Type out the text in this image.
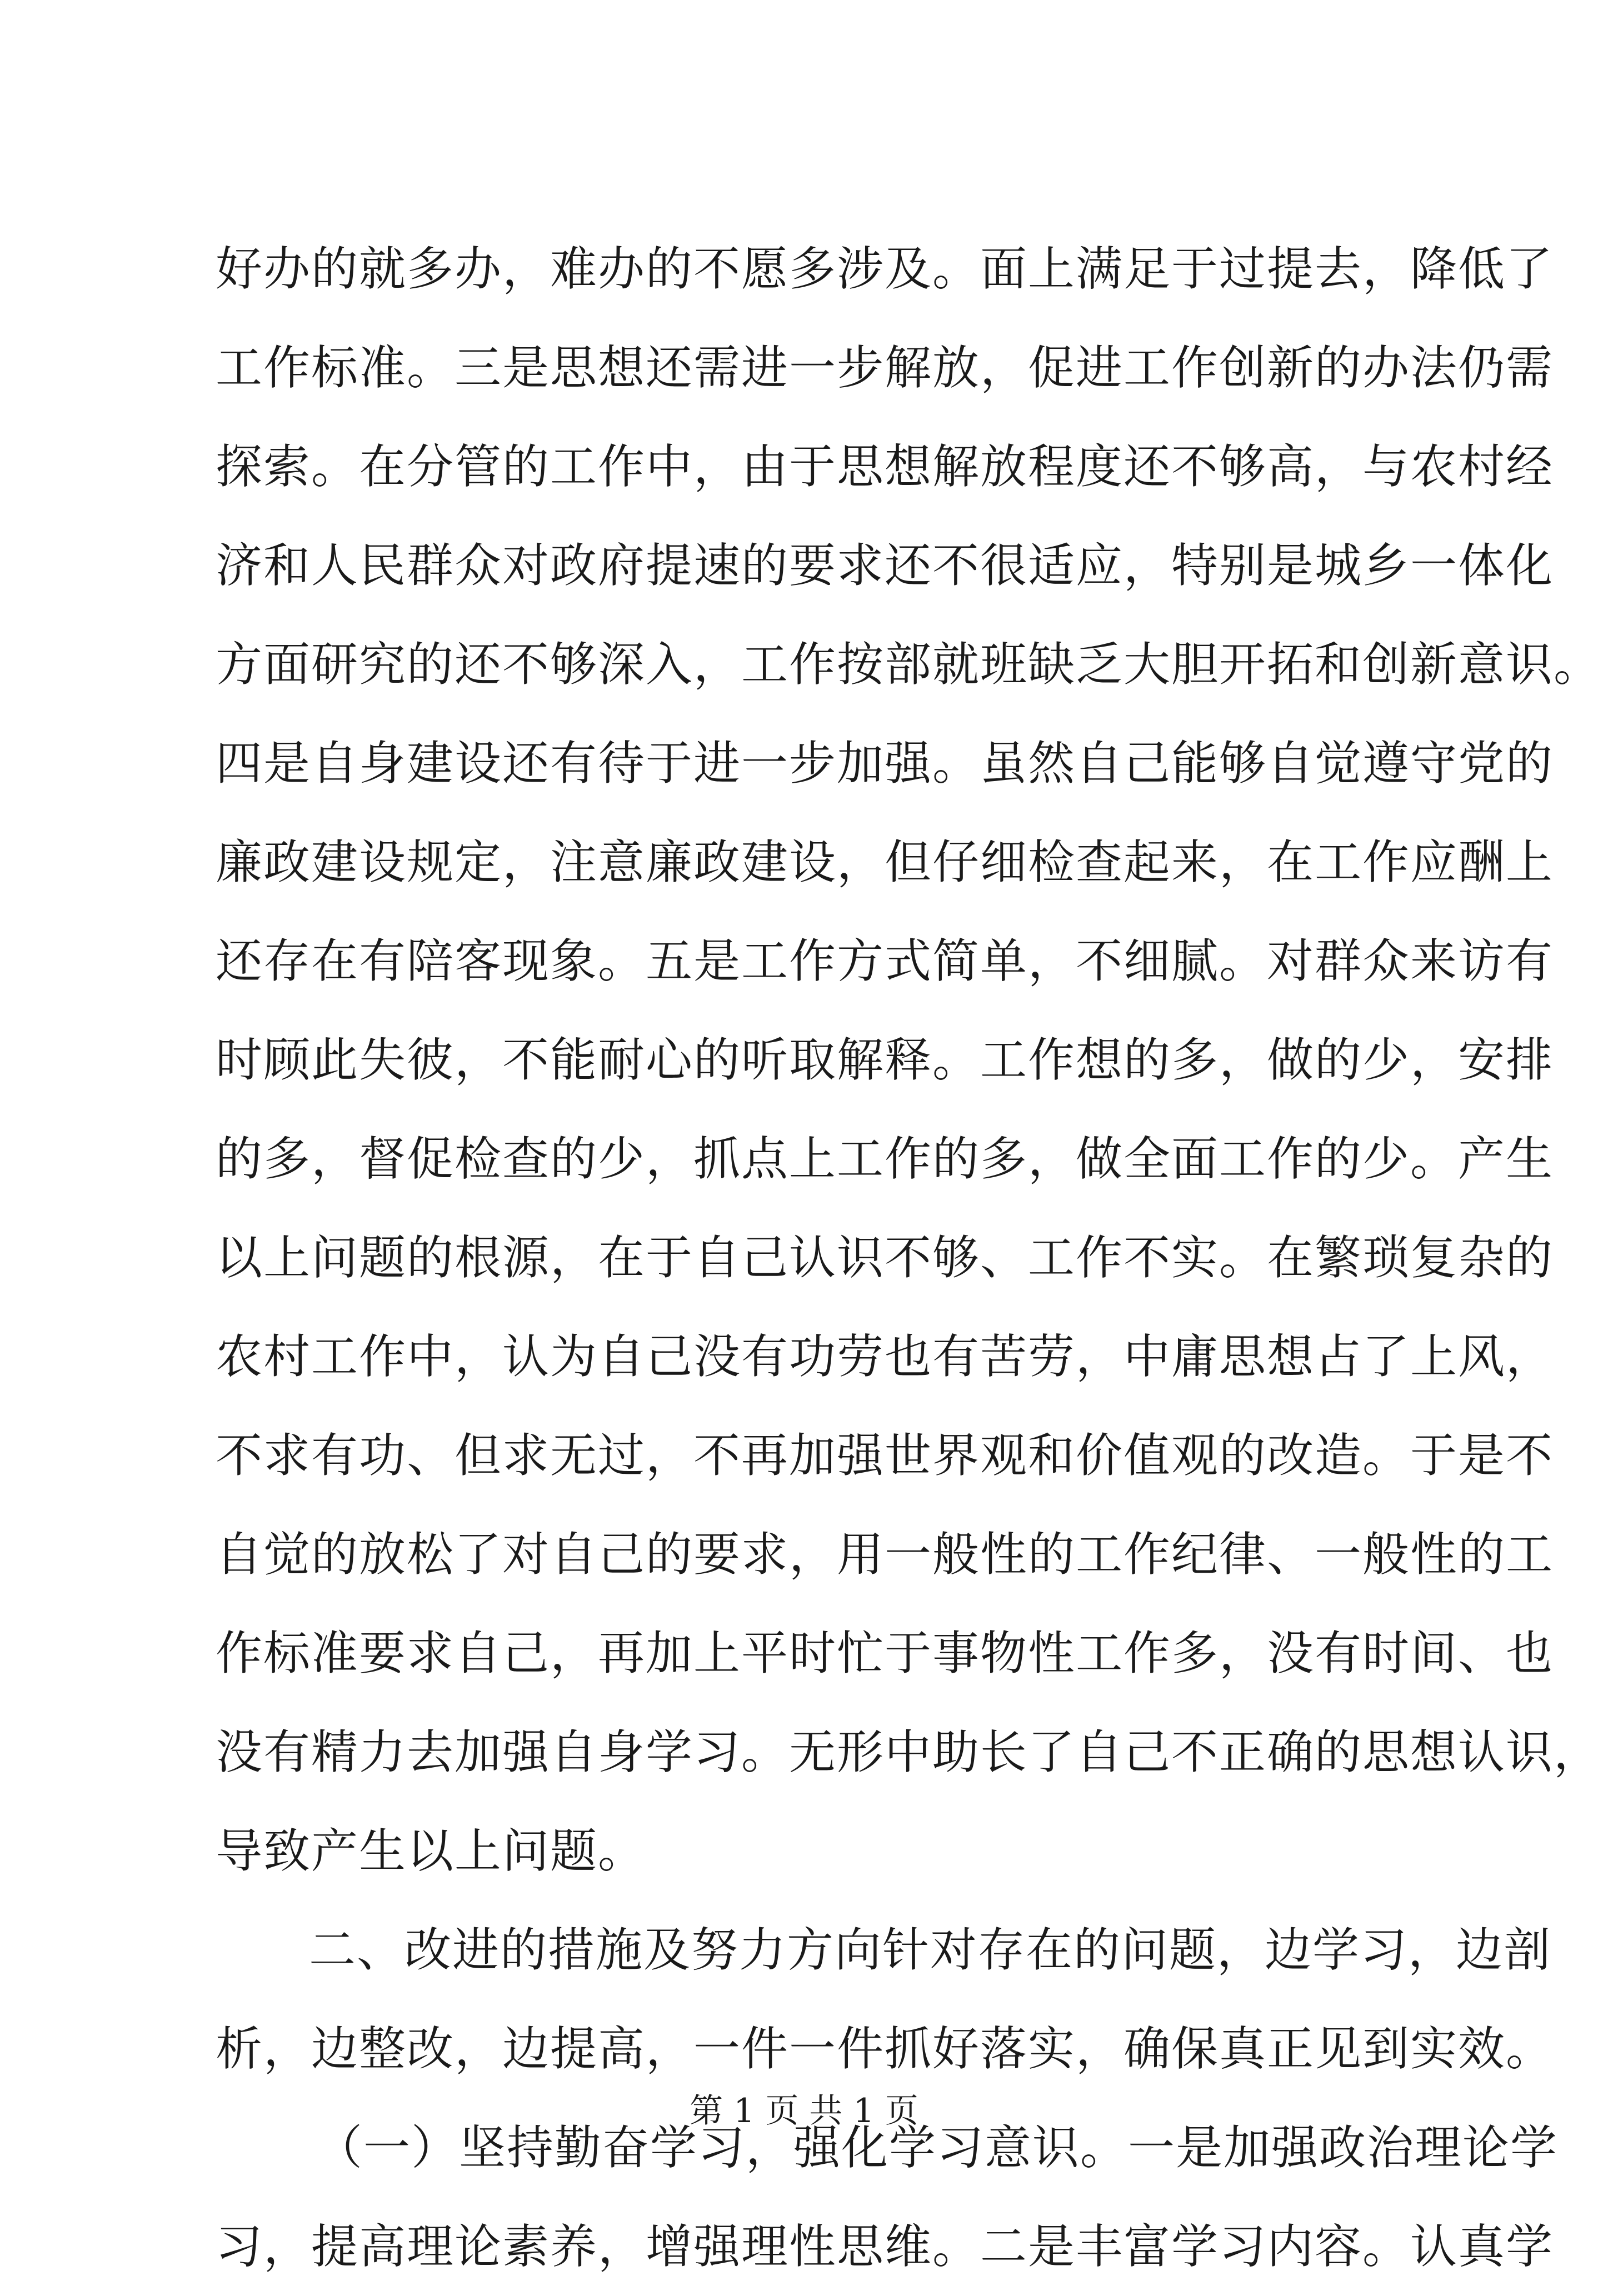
好办的就多办，难办的不愿多涉及。面上满足于过提去，降低了
工作标准。三是思想还需进一步解放，促进工作创新的办法仍需
探索。在分管的工作中，由于思想解放程度还不够高，与农村经
济和人民群众对政府提速的要求还不很适应，特别是城乡一体化
方面研究的还不够深入，工作按部就班缺乏大胆开拓和创新意识。
四是自身建设还有待于进一步加强。虽然自己能够自觉遵守党的
廉政建设规定，注意廉政建设，但仔细检查起来，在工作应酬上
还存在有陪客现象。五是工作方式简单，不细腻。对群众来访有
时顾此失彼，不能耐心的听取解释。工作想的多，做的少，安排
的多，督促检查的少，抓点上工作的多，做全面工作的少。产生
以上问题的根源，在于自己认识不够、工作不实。在繁琐复杂的
农村工作中，认为自己没有功劳也有苦劳，中庸思想占了上风，
不求有功、但求无过，不再加强世界观和价值观的改造。于是不
自觉的放松了对自己的要求，用一般性的工作纪律、一般性的工
作标准要求自己，再加上平时忙于事物性工作多，没有时间、也
没有精力去加强自身学习。无形中助长了自己不正确的思想认识，
导致产生以上问题。
二、改进的措施及努力方向针对存在的问题，边学习，边剖
析，边整改，边提高，一件一件抓好落实，确保真正见到实效。
（一）坚持勤奋学习，强化学习意识。一是加强政治理论学
习，提高理论素养，增强理性思维。二是丰富学习内容。认真学
第 1 页 共 1 页
